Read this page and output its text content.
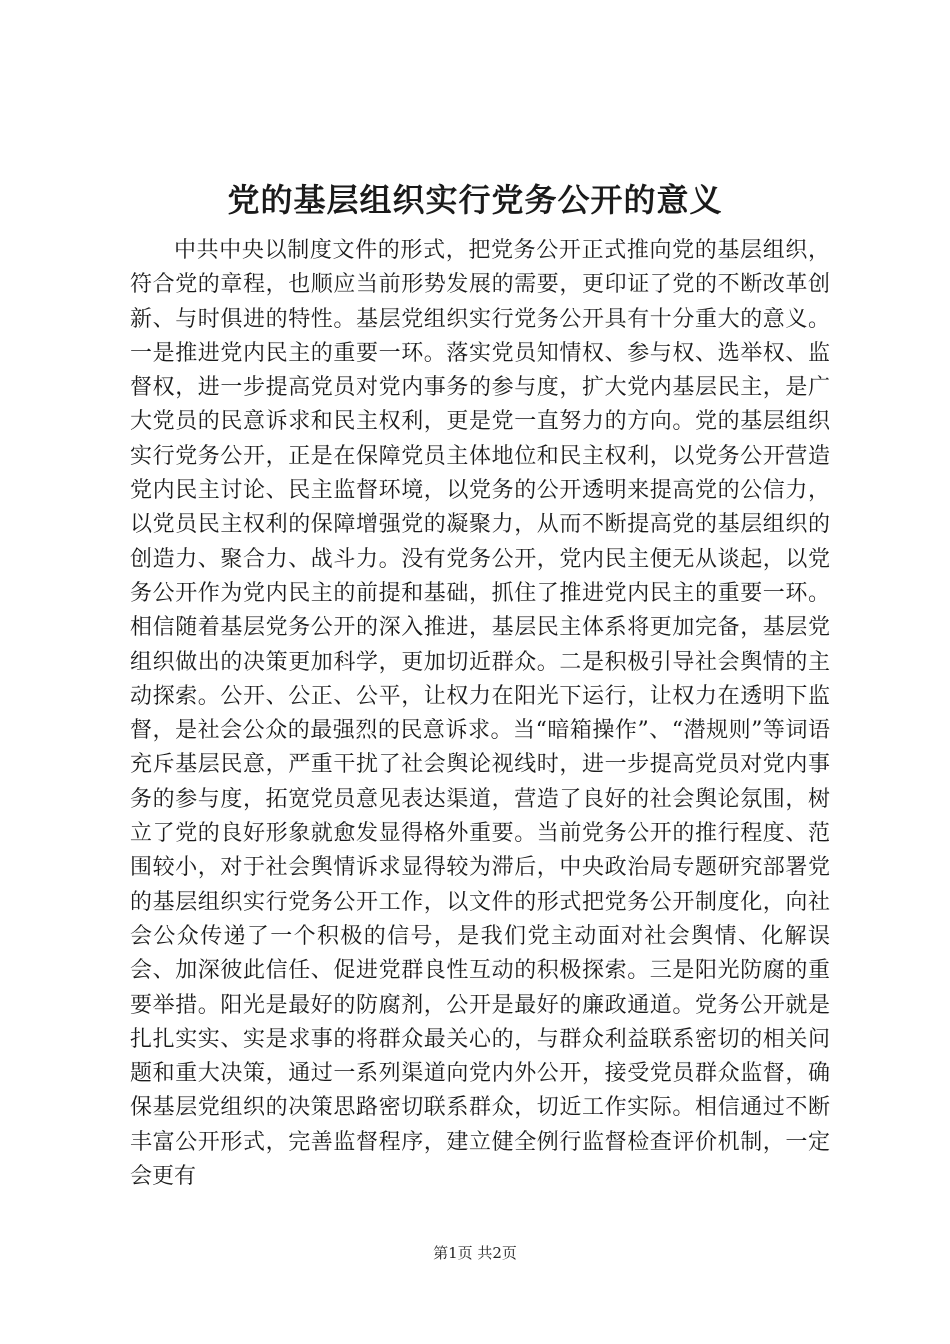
党的基层组织实行党务公开的意义

中共中央以制度文件的形式，把党务公开正式推向党的基层组织，符合党的章程，也顺应当前形势发展的需要，更印证了党的不断改革创新、与时俱进的特性。基层党组织实行党务公开具有十分重大的意义。一是推进党内民主的重要一环。落实党员知情权、参与权、选举权、监督权，进一步提高党员对党内事务的参与度，扩大党内基层民主，是广大党员的民意诉求和民主权利，更是党一直努力的方向。党的基层组织实行党务公开，正是在保障党员主体地位和民主权利，以党务公开营造党内民主讨论、民主监督环境，以党务的公开透明来提高党的公信力，以党员民主权利的保障增强党的凝聚力，从而不断提高党的基层组织的创造力、聚合力、战斗力。没有党务公开，党内民主便无从谈起，以党务公开作为党内民主的前提和基础，抓住了推进党内民主的重要一环。相信随着基层党务公开的深入推进，基层民主体系将更加完备，基层党组织做出的决策更加科学，更加切近群众。二是积极引导社会舆情的主动探索。公开、公正、公平，让权力在阳光下运行，让权力在透明下监督，是社会公众的最强烈的民意诉求。当“暗箱操作”、“潜规则”等词语充斥基层民意，严重干扰了社会舆论视线时，进一步提高党员对党内事务的参与度，拓宽党员意见表达渠道，营造了良好的社会舆论氛围，树立了党的良好形象就愈发显得格外重要。当前党务公开的推行程度、范围较小，对于社会舆情诉求显得较为滞后，中央政治局专题研究部署党的基层组织实行党务公开工作，以文件的形式把党务公开制度化，向社会公众传递了一个积极的信号，是我们党主动面对社会舆情、化解误会、加深彼此信任、促进党群良性互动的积极探索。三是阳光防腐的重要举措。阳光是最好的防腐剂，公开是最好的廉政通道。党务公开就是扎扎实实、实是求事的将群众最关心的，与群众利益联系密切的相关问题和重大决策，通过一系列渠道向党内外公开，接受党员群众监督，确保基层党组织的决策思路密切联系群众，切近工作实际。相信通过不断丰富公开形式，完善监督程序，建立健全例行监督检查评价机制，一定会更有

第1页 共2页
